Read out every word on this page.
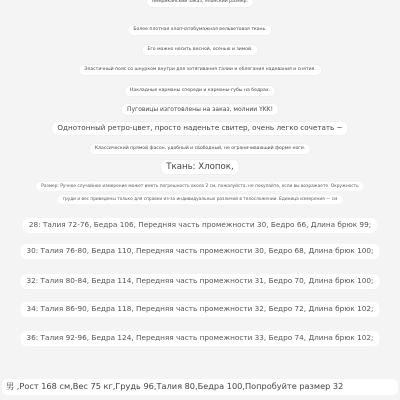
Американский заказ, японский размер.
Более плотная хлопчатобумажная вельветовая ткань.
Его можно носить весной, осенью и зимой.
Эластичный пояс со шнурком внутри для затягивания талии и облегания надевания и снятия.
Накладные карманы спереди и карманы-губы на бедрах.
Пуговицы изготовлены на заказ, молнии YKK!
Однотонный ретро-цвет, просто наденьте свитер, очень легко сочетать ~
Классический прямой фасон, удобный и свободный, не ограничивающий форме ноги.
Ткань: Хлопок,
Размер: Ручное случайное измерение может иметь погрешность около 2 см, пожалуйста, не покупайте, если вы возражаете. Окружность
груди и вес приведены только для справки из-за индивидуальных различий в телосложении. Единица измерения — см
28: Талия 72-76, Бедра 106, Передняя часть промежности 30, Бедро 66, Длина брюк 99;
30: Талия 76-80, Бедра 110, Передняя часть промежности 30, Бедро 68, Длина брюк 100;
32: Талия 80-84, Бедра 114, Передняя часть промежности 31, Бедро 70, Длина брюк 100;
34: Талия 86-90, Бедра 118, Передняя часть промежности 32, Бедро 72, Длина брюк 102;
36: Талия 92-96, Бедра 124, Передняя часть промежности 33, Бедро 74, Длина брюк 102;
男 ,Рост 168 см,Вес 75 кг,Грудь 96,Талия 80,Бедра 100,Попробуйте размер 32
